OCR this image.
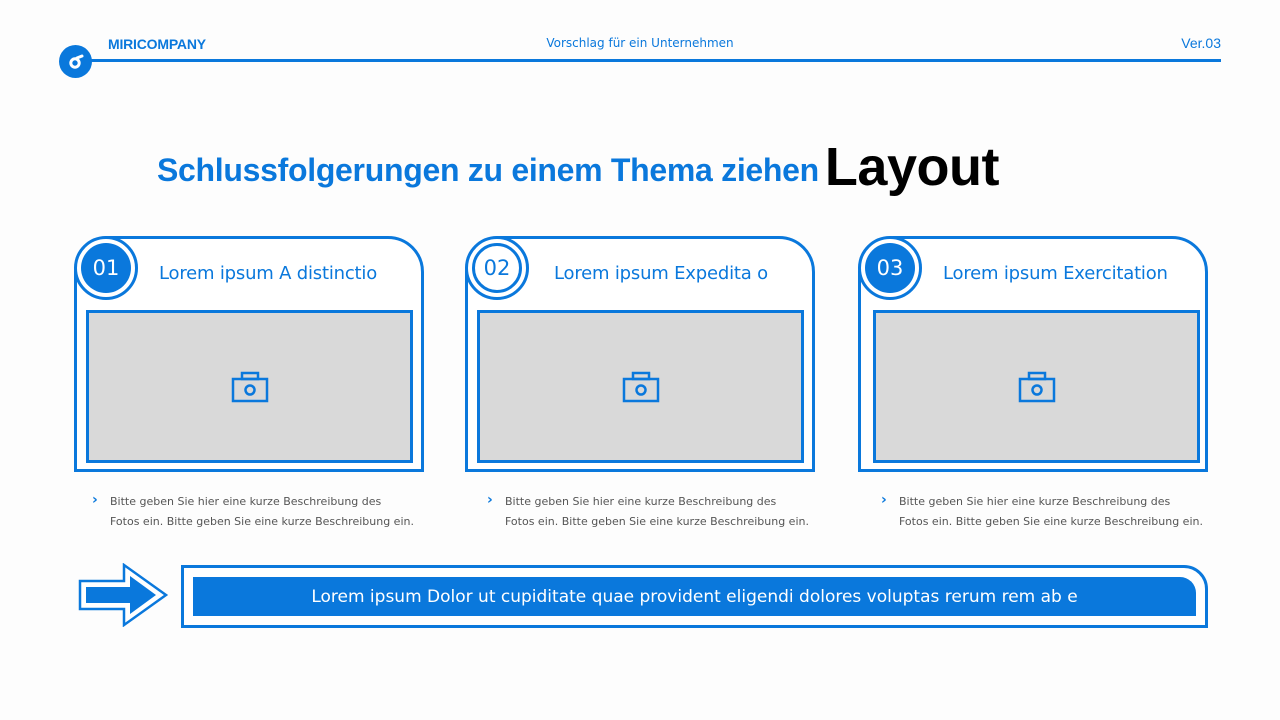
MIRICOMPANY	Vorschlag für ein Unternehmen	Ver.03
Schlussfolgerungen zu einem Thema ziehen Layout
01	Lorem ipsum A distinctio
›	Bitte geben Sie hier eine kurze Beschreibung des
Fotos ein. Bitte geben Sie eine kurze Beschreibung ein.
02	Lorem ipsum Expedita o
›	Bitte geben Sie hier eine kurze Beschreibung des
Fotos ein. Bitte geben Sie eine kurze Beschreibung ein.
03	Lorem ipsum Exercitation
›	Bitte geben Sie hier eine kurze Beschreibung des
Fotos ein. Bitte geben Sie eine kurze Beschreibung ein.
Lorem ipsum Dolor ut cupiditate quae provident eligendi dolores voluptas rerum rem ab e
